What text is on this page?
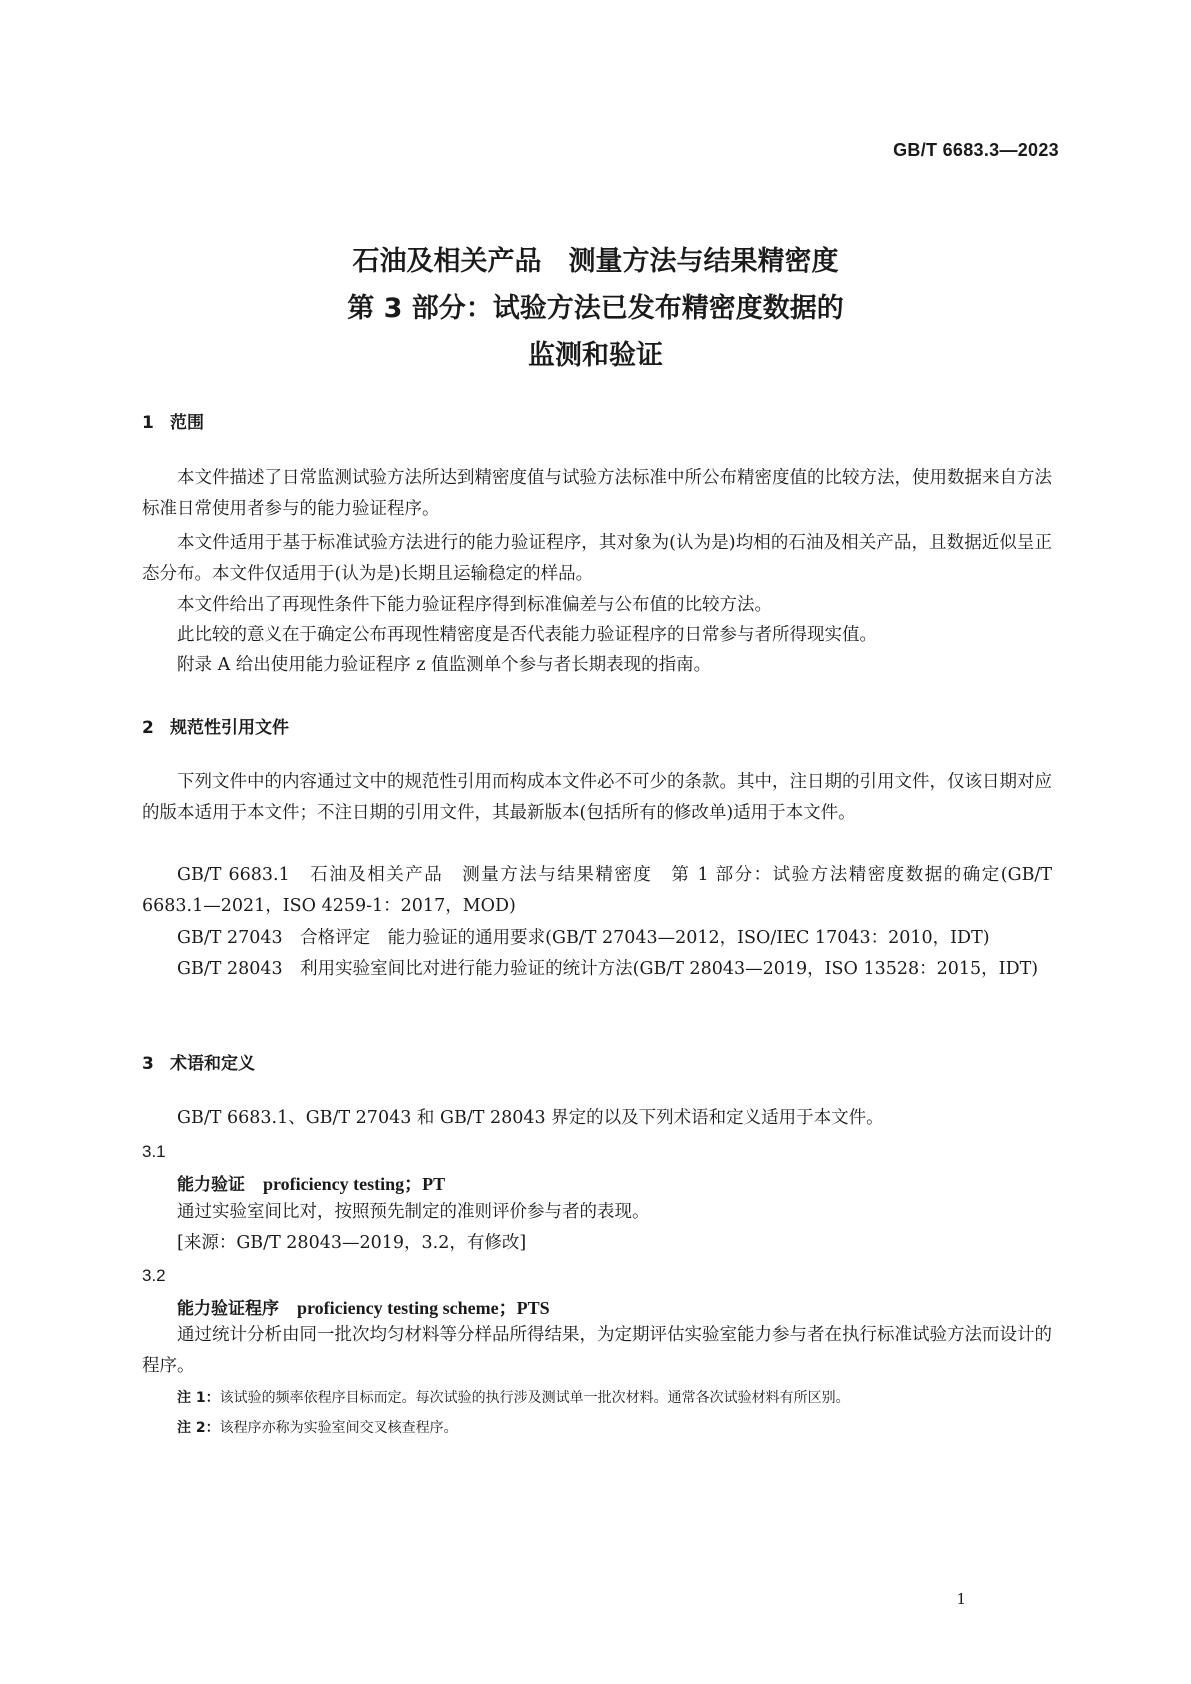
GB/T 6683.3—2023
石油及相关产品　测量方法与结果精密度
第 3 部分：试验方法已发布精密度数据的
监测和验证
1 范围

本文件描述了日常监测试验方法所达到精密度值与试验方法标准中所公布精密度值的比较方法，使用数据来自方法标准日常使用者参与的能力验证程序。

本文件适用于基于标准试验方法进行的能力验证程序，其对象为(认为是)均相的石油及相关产品，且数据近似呈正态分布。本文件仅适用于(认为是)长期且运输稳定的样品。

本文件给出了再现性条件下能力验证程序得到标准偏差与公布值的比较方法。

此比较的意义在于确定公布再现性精密度是否代表能力验证程序的日常参与者所得现实值。

附录 A 给出使用能力验证程序 z 值监测单个参与者长期表现的指南。

2 规范性引用文件

下列文件中的内容通过文中的规范性引用而构成本文件必不可少的条款。其中，注日期的引用文件，仅该日期对应的版本适用于本文件；不注日期的引用文件，其最新版本(包括所有的修改单)适用于本文件。

GB/T 6683.1　石油及相关产品　测量方法与结果精密度　第 1 部分：试验方法精密度数据的确定(GB/T 6683.1—2021，ISO 4259-1：2017，MOD)

GB/T 27043　合格评定　能力验证的通用要求(GB/T 27043—2012，ISO/IEC 17043：2010，IDT)

GB/T 28043　利用实验室间比对进行能力验证的统计方法(GB/T 28043—2019，ISO 13528：2015，IDT)

3 术语和定义

GB/T 6683.1、GB/T 27043 和 GB/T 28043 界定的以及下列术语和定义适用于本文件。

3.1
能力验证 proficiency testing；PT

通过实验室间比对，按照预先制定的准则评价参与者的表现。

[来源：GB/T 28043—2019，3.2，有修改]

3.2
能力验证程序 proficiency testing scheme；PTS

通过统计分析由同一批次均匀材料等分样品所得结果，为定期评估实验室能力参与者在执行标准试验方法而设计的程序。

注 1：该试验的频率依程序目标而定。每次试验的执行涉及测试单一批次材料。通常各次试验材料有所区别。
注 2：该程序亦称为实验室间交叉核查程序。
1
